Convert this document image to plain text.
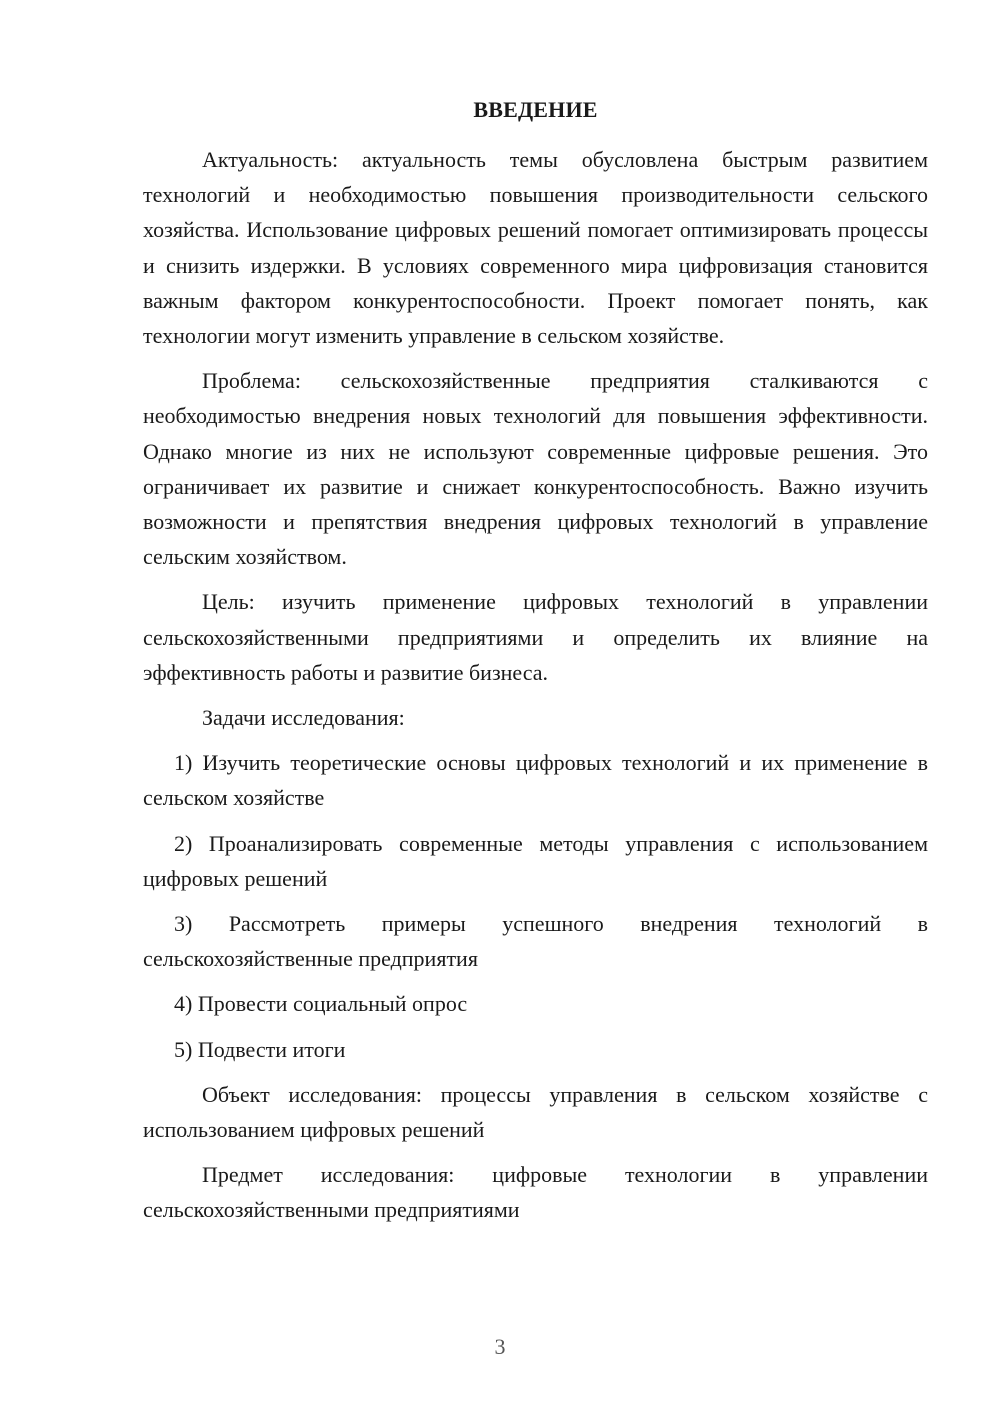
ВВЕДЕНИЕ

Актуальность: актуальность темы обусловлена быстрым развитием технологий и необходимостью повышения производительности сельского хозяйства. Использование цифровых решений помогает оптимизировать процессы и снизить издержки. В условиях современного мира цифровизация становится важным фактором конкурентоспособности. Проект помогает понять, как технологии могут изменить управление в сельском хозяйстве.

Проблема: сельскохозяйственные предприятия сталкиваются с необходимостью внедрения новых технологий для повышения эффективности. Однако многие из них не используют современные цифровые решения. Это ограничивает их развитие и снижает конкурентоспособность. Важно изучить возможности и препятствия внедрения цифровых технологий в управление сельским хозяйством.

Цель: изучить применение цифровых технологий в управлении сельскохозяйственными предприятиями и определить их влияние на эффективность работы и развитие бизнеса.

Задачи исследования:

1) Изучить теоретические основы цифровых технологий и их применение в сельском хозяйстве

2) Проанализировать современные методы управления с использованием цифровых решений

3) Рассмотреть примеры успешного внедрения технологий в сельскохозяйственные предприятия

4) Провести социальный опрос

5) Подвести итоги

Объект исследования: процессы управления в сельском хозяйстве с использованием цифровых решений

Предмет исследования: цифровые технологии в управлении сельскохозяйственными предприятиями

3
